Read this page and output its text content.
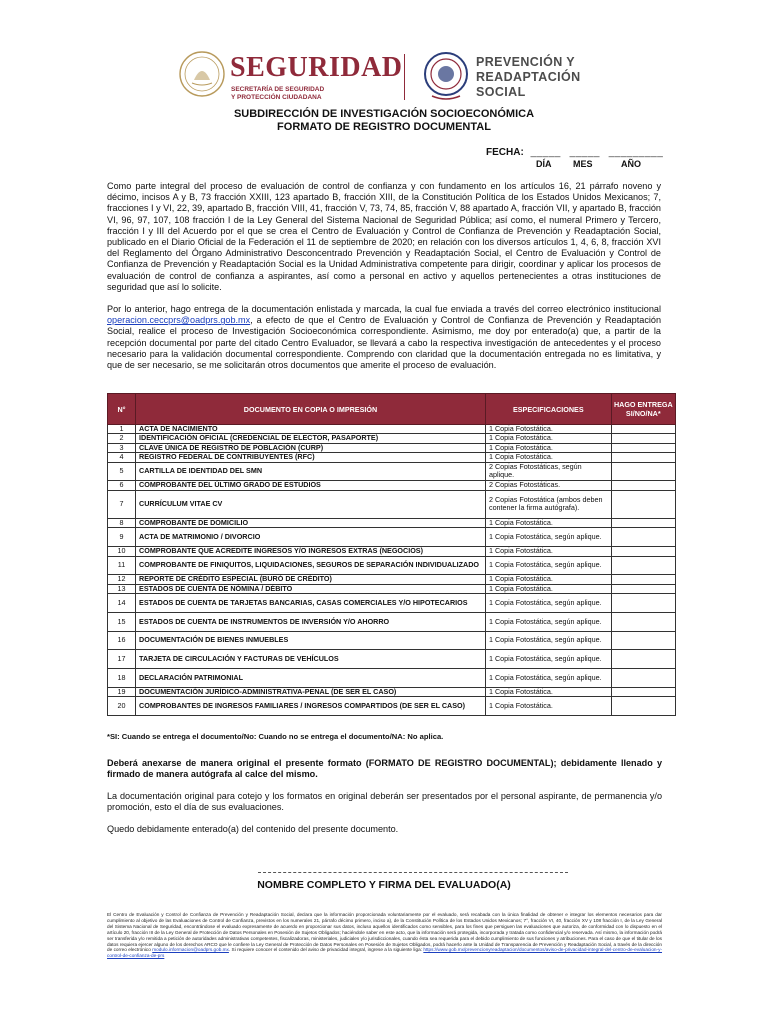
SEGURIDAD
SECRETARÍA DE SEGURIDAD
Y PROTECCIÓN CIUDADANA
PREVENCIÓN Y
READAPTACIÓN
SOCIAL
SUBDIRECCIÓN DE INVESTIGACIÓN SOCIOECONÓMICA
FORMATO DE REGISTRO DOCUMENTAL
FECHA: _____ _____ _________
DÍA MES	AÑO
Como parte integral del proceso de evaluación de control de confianza y con fundamento en los artículos 16, 21 párrafo noveno y décimo, incisos A y B, 73 fracción XXIII, 123 apartado B, fracción XIII, de la Constitución Política de los Estados Unidos Mexicanos; 7, fracciones I y VI, 22, 39, apartado B, fracción VIII, 41, fracción V, 73, 74, 85, fracción V, 88 apartado A, fracción VII, y apartado B, fracción VI, 96, 97, 107, 108 fracción I de la Ley General del Sistema Nacional de Seguridad Pública; así como, el numeral Primero y Tercero, fracción I y III del Acuerdo por el que se crea el Centro de Evaluación y Control de Confianza de Prevención y Readaptación Social, publicado en el Diario Oficial de la Federación el 11 de septiembre de 2020; en relación con los diversos artículos 1, 4, 6, 8, fracción XVI del Reglamento del Órgano Administrativo Desconcentrado Prevención y Readaptación Social, el Centro de Evaluación y Control de Confianza de Prevención y Readaptación Social es la Unidad Administrativa competente para dirigir, coordinar y aplicar los procesos de evaluación de control de confianza a aspirantes, así como a personal en activo y aquellos pertenecientes a otras instituciones de seguridad que así lo solicite.
Por lo anterior, hago entrega de la documentación enlistada y marcada, la cual fue enviada a través del correo electrónico institucional operacion.ceccprs@oadprs.gob.mx, a efecto de que el Centro de Evaluación y Control de Confianza de Prevención y Readaptación Social, realice el proceso de Investigación Socioeconómica correspondiente. Asimismo, me doy por enterado(a) que, a partir de la recepción documental por parte del citado Centro Evaluador, se llevará a cabo la respectiva investigación de antecedentes y el proceso necesario para la validación documental correspondiente. Comprendo con claridad que la documentación entregada no es limitativa, y que de ser necesario, se me solicitarán otros documentos que amerite el proceso de evaluación.
N°	DOCUMENTO EN COPIA O IMPRESIÓN	ESPECIFICACIONES	HAGO ENTREGA SI/NO/NA*
1	ACTA DE NACIMIENTO	1 Copia Fotostática.	
2	IDENTIFICACIÓN OFICIAL (CREDENCIAL DE ELECTOR, PASAPORTE)	1 Copia Fotostática.	
3	CLAVE ÚNICA DE REGISTRO DE POBLACIÓN (CURP)	1 Copia Fotostática.	
4	REGISTRO FEDERAL DE CONTRIBUYENTES (RFC)	1 Copia Fotostática.	
5	CARTILLA DE IDENTIDAD DEL SMN	2 Copias Fotostáticas, según aplique.	
6	COMPROBANTE DEL ÚLTIMO GRADO DE ESTUDIOS	2 Copias Fotostáticas.	
7	CURRÍCULUM VITAE CV	2 Copias Fotostática (ambos deben contener la firma autógrafa).	
8	COMPROBANTE DE DOMICILIO	1 Copia Fotostática.	
9	ACTA DE MATRIMONIO / DIVORCIO	1 Copia Fotostática, según aplique.	
10	COMPROBANTE QUE ACREDITE INGRESOS Y/O INGRESOS EXTRAS (NEGOCIOS)	1 Copia Fotostática.	
11	COMPROBANTE DE FINIQUITOS, LIQUIDACIONES, SEGUROS DE SEPARACIÓN INDIVIDUALIZADO	1 Copia Fotostática, según aplique.	
12	REPORTE DE CRÉDITO ESPECIAL (BURÓ DE CRÉDITO)	1 Copia Fotostática.	
13	ESTADOS DE CUENTA DE NÓMINA / DÉBITO	1 Copia Fotostática.	
14	ESTADOS DE CUENTA DE TARJETAS BANCARIAS, CASAS COMERCIALES Y/O HIPOTECARIOS	1 Copia Fotostática, según aplique.	
15	ESTADOS DE CUENTA DE INSTRUMENTOS DE INVERSIÓN Y/O AHORRO	1 Copia Fotostática, según aplique.	
16	DOCUMENTACIÓN DE BIENES INMUEBLES	1 Copia Fotostática, según aplique.	
17	TARJETA DE CIRCULACIÓN Y FACTURAS DE VEHÍCULOS	1 Copia Fotostática, según aplique.	
18	DECLARACIÓN PATRIMONIAL	1 Copia Fotostática, según aplique.	
19	DOCUMENTACIÓN JURÍDICO-ADMINISTRATIVA-PENAL (DE SER EL CASO)	1 Copia Fotostática.	
20	COMPROBANTES DE INGRESOS FAMILIARES / INGRESOS COMPARTIDOS (DE SER EL CASO)	1 Copia Fotostática.	
*SI: Cuando se entrega el documento/No: Cuando no se entrega el documento/NA: No aplica.
Deberá anexarse de manera original el presente formato (FORMATO DE REGISTRO DOCUMENTAL); debidamente llenado y firmado de manera autógrafa al calce del mismo.
La documentación original para cotejo y los formatos en original deberán ser presentados por el personal aspirante, de permanencia y/o promoción, esto el día de sus evaluaciones.
Quedo debidamente enterado(a) del contenido del presente documento.
NOMBRE COMPLETO Y FIRMA DEL EVALUADO(A)
El Centro de Evaluación y Control de Confianza de Prevención y Readaptación Social, declara que la información proporcionada voluntariamente por el evaluado, será recabada con la única finalidad de obtener e integrar los elementos necesarios para dar cumplimiento al objetivo de las Evaluaciones de Control de Confianza, previstos en los numerales 21, párrafo décimo primero, inciso a), de la Constitución Política de los Estados Unidos Mexicanos; 7°, fracción VI, 40, fracción XV y 108 fracción I, de la Ley General del Sistema Nacional de Seguridad, encontrándose el evaluado expresamente de acuerdo en proporcionar sus datos, incluso aquellos identificados como sensibles, para los fines que persiguen las evaluaciones que autoriza, de conformidad con lo dispuesto en el artículo 20, fracción III de la Ley General de Protección de Datos Personales en Posesión de Sujetos Obligados; haciéndole saber en este acto, que la información será protegida, incorporada y tratada como confidencial y/o reservada. Así mismo, la información podrá ser transferida y/o remitida a petición de autoridades administrativas competentes, fiscalizadoras, ministeriales, judiciales y/o jurisdiccionales, cuando ésta sea requerida para el debido cumplimiento de sus funciones y atribuciones. Para el caso de que el titular de los datos requiera ejercer alguno de los derechos ARCO que le confiere la Ley General de Protección de Datos Personales en Posesión de Sujetos Obligados, podrá hacerlo ante la Unidad de Transparencia de Prevención y Readaptación Social, a través de la dirección de correo electrónico modulo.informacion@oadprs.gob.mx. Si requiere conocer el contenido del aviso de privacidad integral, ingrese a la siguiente liga: https://www.gob.mx/prevencionyreadaptacion/documentos/aviso-de-privacidad-integral-del-centro-de-evaluacion-y-control-de-confianza-de-prs
